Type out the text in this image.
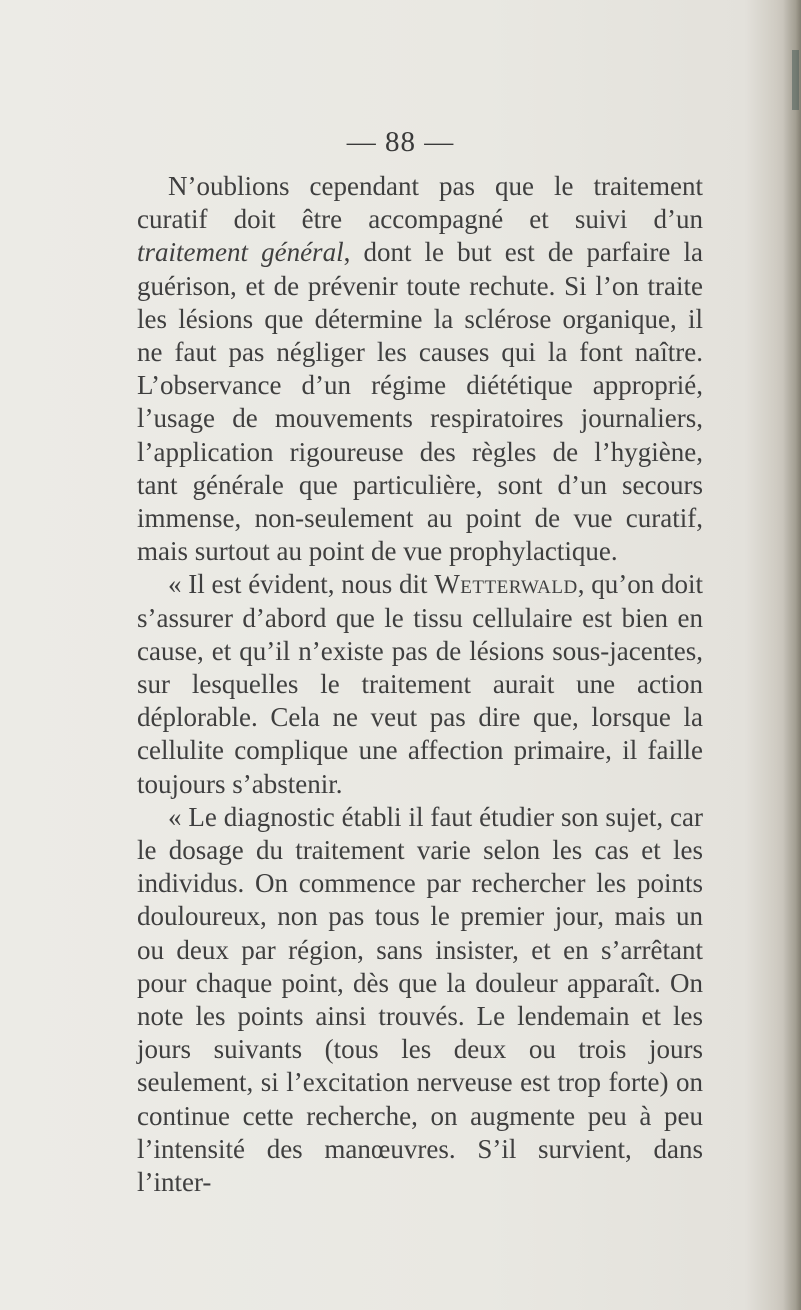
— 88 —

N’oublions cependant pas que le traitement curatif doit être accompagné et suivi d’un traitement général, dont le but est de parfaire la guérison, et de prévenir toute rechute. Si l’on traite les lésions que détermine la sclérose organique, il ne faut pas négliger les causes qui la font naître. L’observance d’un régime diététique approprié, l’usage de mouvements respiratoires journaliers, l’application rigoureuse des règles de l’hygiène, tant générale que particulière, sont d’un secours immense, non-seulement au point de vue curatif, mais surtout au point de vue prophylactique.

« Il est évident, nous dit Wetterwald, qu’on doit s’assurer d’abord que le tissu cellulaire est bien en cause, et qu’il n’existe pas de lésions sous-jacentes, sur lesquelles le traitement aurait une action déplorable. Cela ne veut pas dire que, lorsque la cellulite complique une affection primaire, il faille toujours s’abstenir.

« Le diagnostic établi il faut étudier son sujet, car le dosage du traitement varie selon les cas et les individus. On commence par rechercher les points douloureux, non pas tous le premier jour, mais un ou deux par région, sans insister, et en s’arrêtant pour chaque point, dès que la douleur apparaît. On note les points ainsi trouvés. Le lendemain et les jours suivants (tous les deux ou trois jours seulement, si l’excitation nerveuse est trop forte) on continue cette recherche, on augmente peu à peu l’intensité des manœuvres. S’il survient, dans l’inter-
